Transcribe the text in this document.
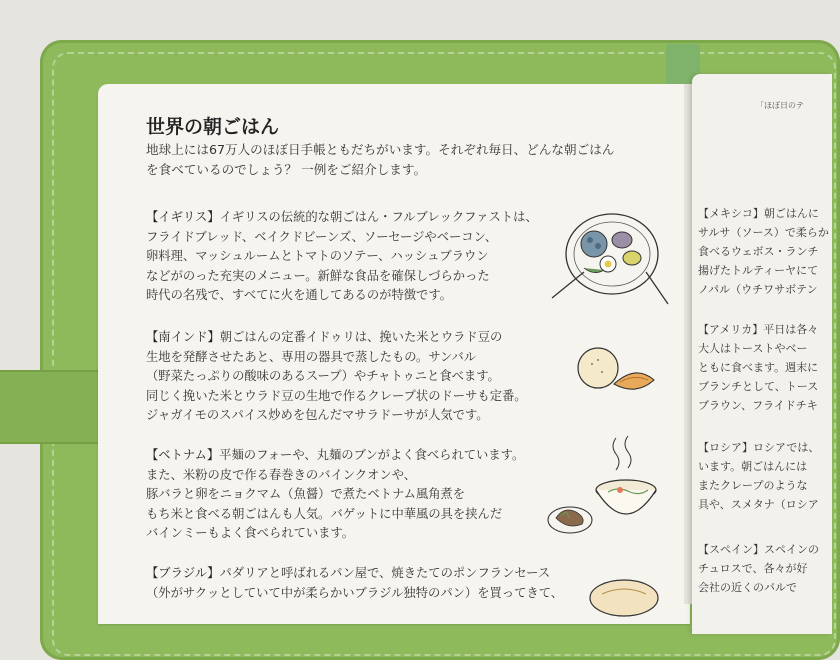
世界の朝ごはん

地球上には67万人のほぼ日手帳ともだちがいます。それぞれ毎日、どんな朝ごはんを食べているのでしょう？ 一例をご紹介します。

【イギリス】イギリスの伝統的な朝ごはん・フルブレックファストは、
フライドブレッド、ベイクドビーンズ、ソーセージやベーコン、
卵料理、マッシュルームとトマトのソテー、ハッシュブラウン
などがのった充実のメニュー。新鮮な食品を確保しづらかった
時代の名残で、すべてに火を通してあるのが特徴です。

【南インド】朝ごはんの定番イドゥリは、挽いた米とウラド豆の
生地を発酵させたあと、専用の器具で蒸したもの。サンバル
（野菜たっぷりの酸味のあるスープ）やチャトゥニと食べます。
同じく挽いた米とウラド豆の生地で作るクレープ状のドーサも定番。
ジャガイモのスパイス炒めを包んだマサラドーサが人気です。

【ベトナム】平麺のフォーや、丸麺のブンがよく食べられています。
また、米粉の皮で作る春巻きのバインクオンや、
豚バラと卵をニョクマム（魚醤）で煮たベトナム風角煮を
もち米と食べる朝ごはんも人気。バゲットに中華風の具を挟んだ
バインミーもよく食べられています。

【ブラジル】パダリアと呼ばれるパン屋で、焼きたてのポンフランセース
（外がサクッとしていて中が柔らかいブラジル独特のパン）を買ってきて、

「ほぼ日のテ
【メキシコ】朝ごはんに
サルサ（ソース）で柔らか
食べるウェボス・ランチ
揚げたトルティーヤにて
ノパル（ウチワサボテン
【アメリカ】平日は各々
大人はトーストやベー
ともに食べます。週末に
ブランチとして、トース
ブラウン、フライドチキ
【ロシア】ロシアでは、
います。朝ごはんには
またクレープのような
具や、スメタナ（ロシア
【スペイン】スペインの
チュロスで、各々が好
会社の近くのバルで
